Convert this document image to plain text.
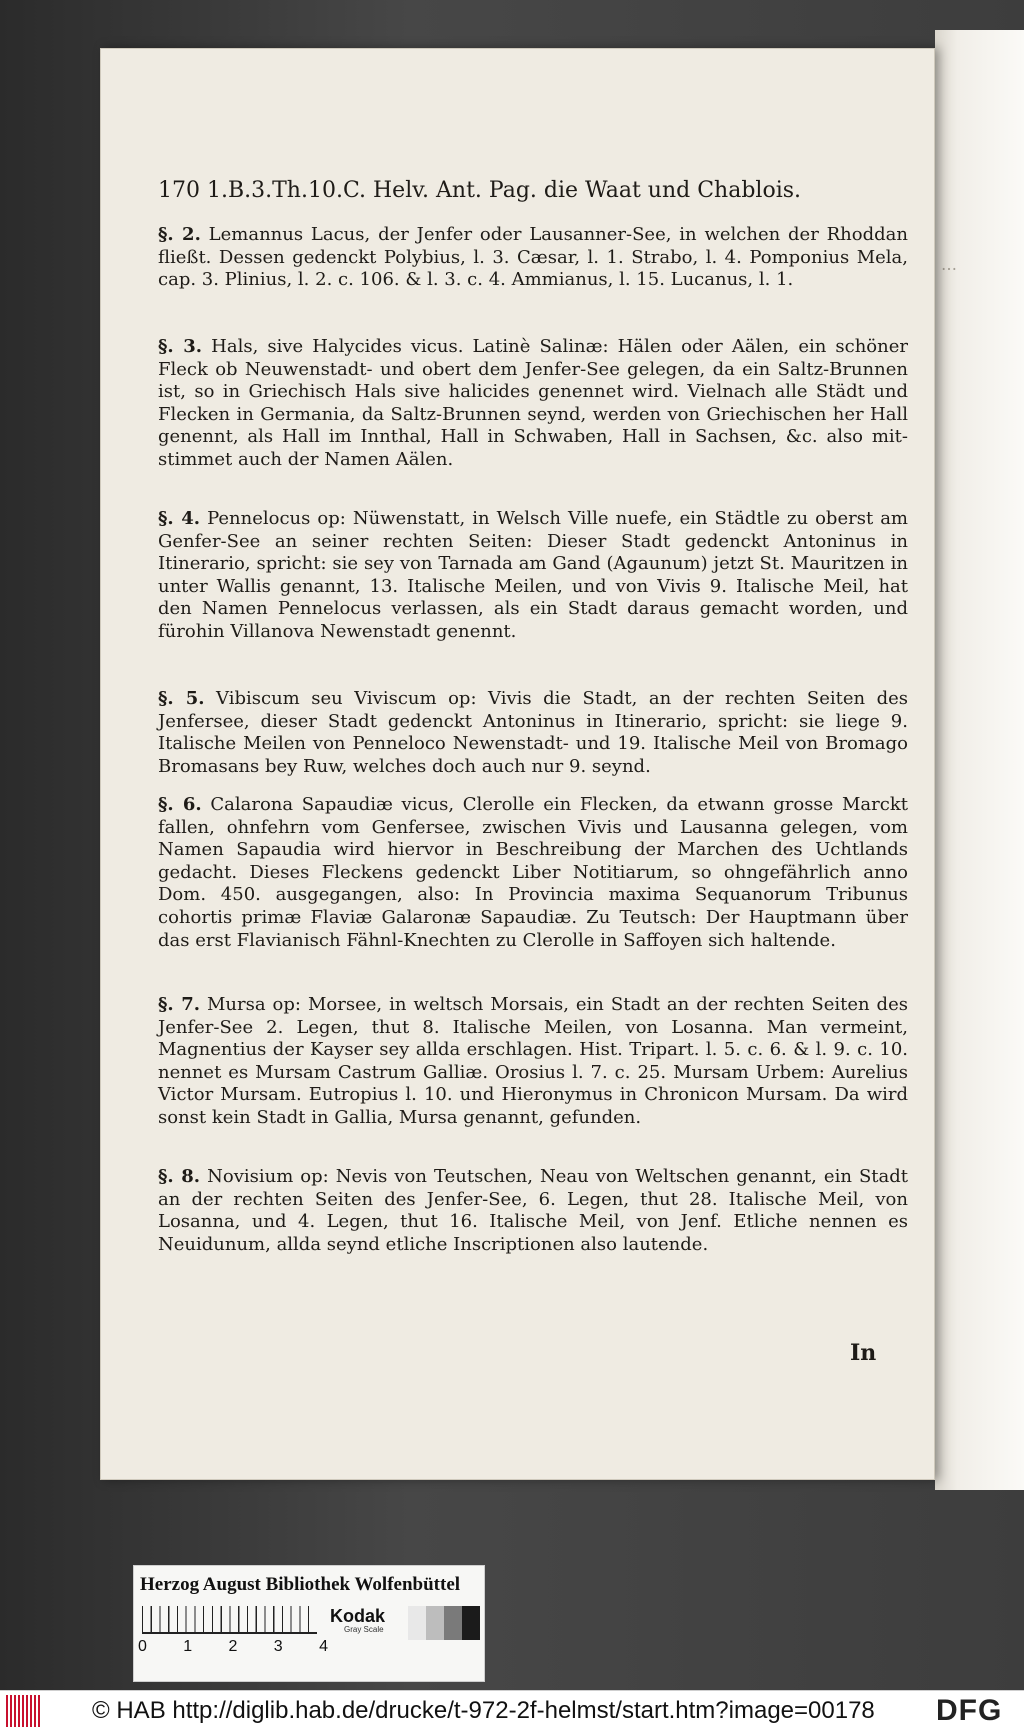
…
170 1.B.3.Th.10.C. Helv. Ant. Pag. die Waat und Chablois.
§. 2. Lemannus Lacus, der Jenfer oder Lausanner-See, in welchen der Rhoddan fließt. Dessen gedenckt Polybius, l. 3. Cæsar, l. 1. Strabo, l. 4. Pomponius Mela, cap. 3. Plinius, l. 2. c. 106. & l. 3. c. 4. Ammianus, l. 15. Lucanus, l. 1.
§. 3. Hals, sive Halycides vicus. Latinè Salinæ: Hälen oder Aälen, ein schöner Fleck ob Neuwenstadt- und obert dem Jenfer-See gelegen, da ein Saltz-Brunnen ist, so in Griechisch Hals sive halicides genennet wird. Vielnach alle Städt und Flecken in Germania, da Saltz-Brunnen seynd, werden von Griechischen her Hall genennt, als Hall im Innthal, Hall in Schwaben, Hall in Sachsen, &c. also mit-stimmet auch der Namen Aälen.
§. 4. Pennelocus op: Nüwenstatt, in Welsch Ville nuefe, ein Städtle zu oberst am Genfer-See an seiner rechten Seiten: Dieser Stadt gedenckt Antoninus in Itinerario, spricht: sie sey von Tarnada am Gand (Agaunum) jetzt St. Mauritzen in unter Wallis genannt, 13. Italische Meilen, und von Vivis 9. Italische Meil, hat den Namen Pennelocus verlassen, als ein Stadt daraus gemacht worden, und fürohin Villanova Newenstadt genennt.
§. 5. Vibiscum seu Viviscum op: Vivis die Stadt, an der rechten Seiten des Jenfersee, dieser Stadt gedenckt Antoninus in Itinerario, spricht: sie liege 9. Italische Meilen von Penneloco Newenstadt- und 19. Italische Meil von Bromago Bromasans bey Ruw, welches doch auch nur 9. seynd.
§. 6. Calarona Sapaudiæ vicus, Clerolle ein Flecken, da etwann grosse Marckt fallen, ohnfehrn vom Genfersee, zwischen Vivis und Lausanna gelegen, vom Namen Sapaudia wird hiervor in Beschreibung der Marchen des Uchtlands gedacht. Dieses Fleckens gedenckt Liber Notitiarum, so ohngefährlich anno Dom. 450. ausgegangen, also: In Provincia maxima Sequanorum Tribunus cohortis primæ Flaviæ Galaronæ Sapaudiæ. Zu Teutsch: Der Hauptmann über das erst Flavianisch Fähnl-Knechten zu Clerolle in Saffoyen sich haltende.
§. 7. Mursa op: Morsee, in weltsch Morsais, ein Stadt an der rechten Seiten des Jenfer-See 2. Legen, thut 8. Italische Meilen, von Losanna. Man vermeint, Magnentius der Kayser sey allda erschlagen. Hist. Tripart. l. 5. c. 6. & l. 9. c. 10. nennet es Mursam Castrum Galliæ. Orosius l. 7. c. 25. Mursam Urbem: Aurelius Victor Mursam. Eutropius l. 10. und Hieronymus in Chronicon Mursam. Da wird sonst kein Stadt in Gallia, Mursa genannt, gefunden.
§. 8. Novisium op: Nevis von Teutschen, Neau von Weltschen genannt, ein Stadt an der rechten Seiten des Jenfer-See, 6. Legen, thut 28. Italische Meil, von Losanna, und 4. Legen, thut 16. Italische Meil, von Jenf. Etliche nennen es Neuidunum, allda seynd etliche Inscriptionen also lautende.
In
Herzog August Bibliothek Wolfenbüttel
0 1 2 3 4
Kodak
Gray Scale
© HAB http://diglib.hab.de/drucke/t-972-2f-helmst/start.htm?image=00178 DFG
